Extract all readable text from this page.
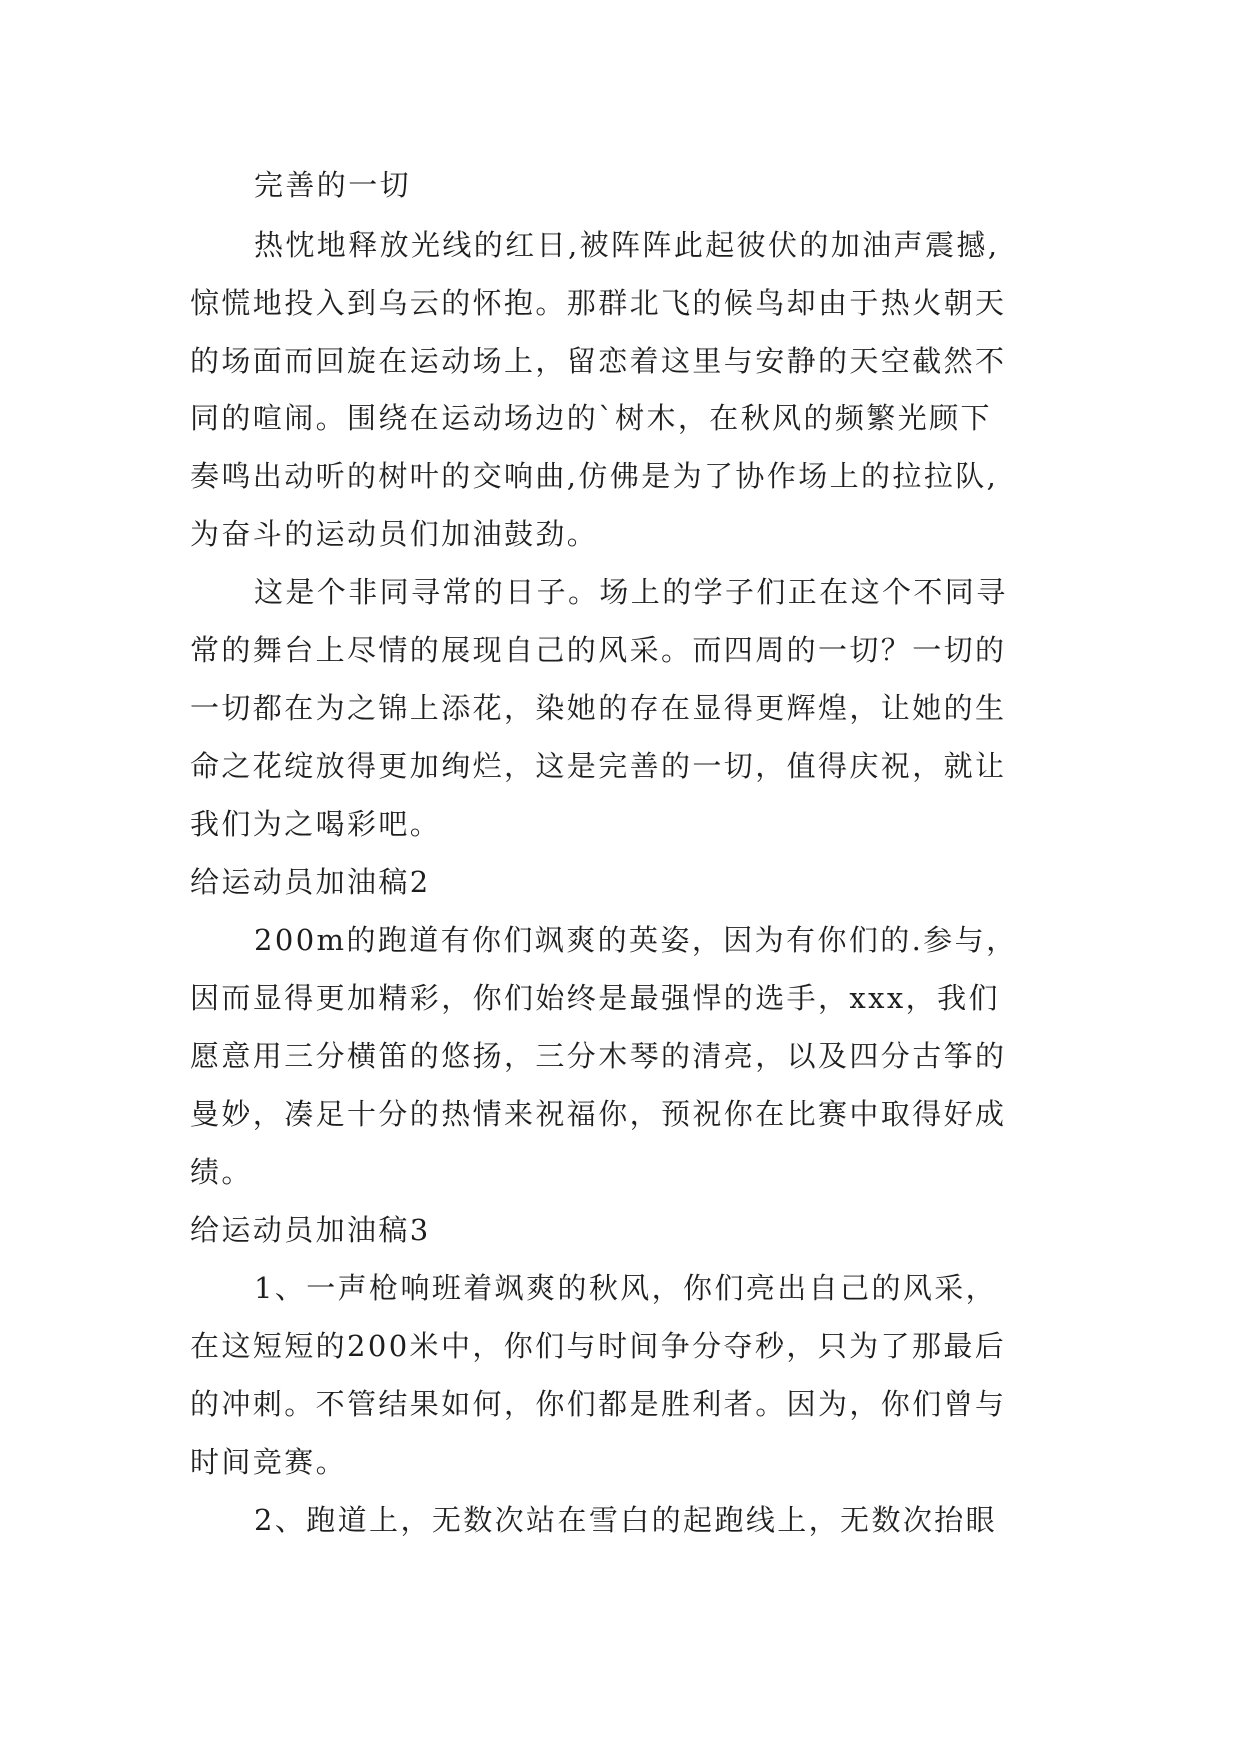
完善的一切
热忱地释放光线的红日,被阵阵此起彼伏的加油声震撼,
惊慌地投入到乌云的怀抱。那群北飞的候鸟却由于热火朝天
的场面而回旋在运动场上，留恋着这里与安静的天空截然不
同的喧闹。围绕在运动场边的`树木，在秋风的频繁光顾下
奏鸣出动听的树叶的交响曲,仿佛是为了协作场上的拉拉队,
为奋斗的运动员们加油鼓劲。
这是个非同寻常的日子。场上的学子们正在这个不同寻
常的舞台上尽情的展现自己的风采。而四周的一切？一切的
一切都在为之锦上添花，染她的存在显得更辉煌，让她的生
命之花绽放得更加绚烂，这是完善的一切，值得庆祝，就让
我们为之喝彩吧。
给运动员加油稿2
200m的跑道有你们飒爽的英姿，因为有你们的.参与，
因而显得更加精彩，你们始终是最强悍的选手，xxx，我们
愿意用三分横笛的悠扬，三分木琴的清亮，以及四分古筝的
曼妙，凑足十分的热情来祝福你，预祝你在比赛中取得好成
绩。
给运动员加油稿3
1、一声枪响班着飒爽的秋风，你们亮出自己的风采，
在这短短的200米中，你们与时间争分夺秒，只为了那最后
的冲刺。不管结果如何，你们都是胜利者。因为，你们曾与
时间竞赛。
2、跑道上，无数次站在雪白的起跑线上，无数次抬眼
